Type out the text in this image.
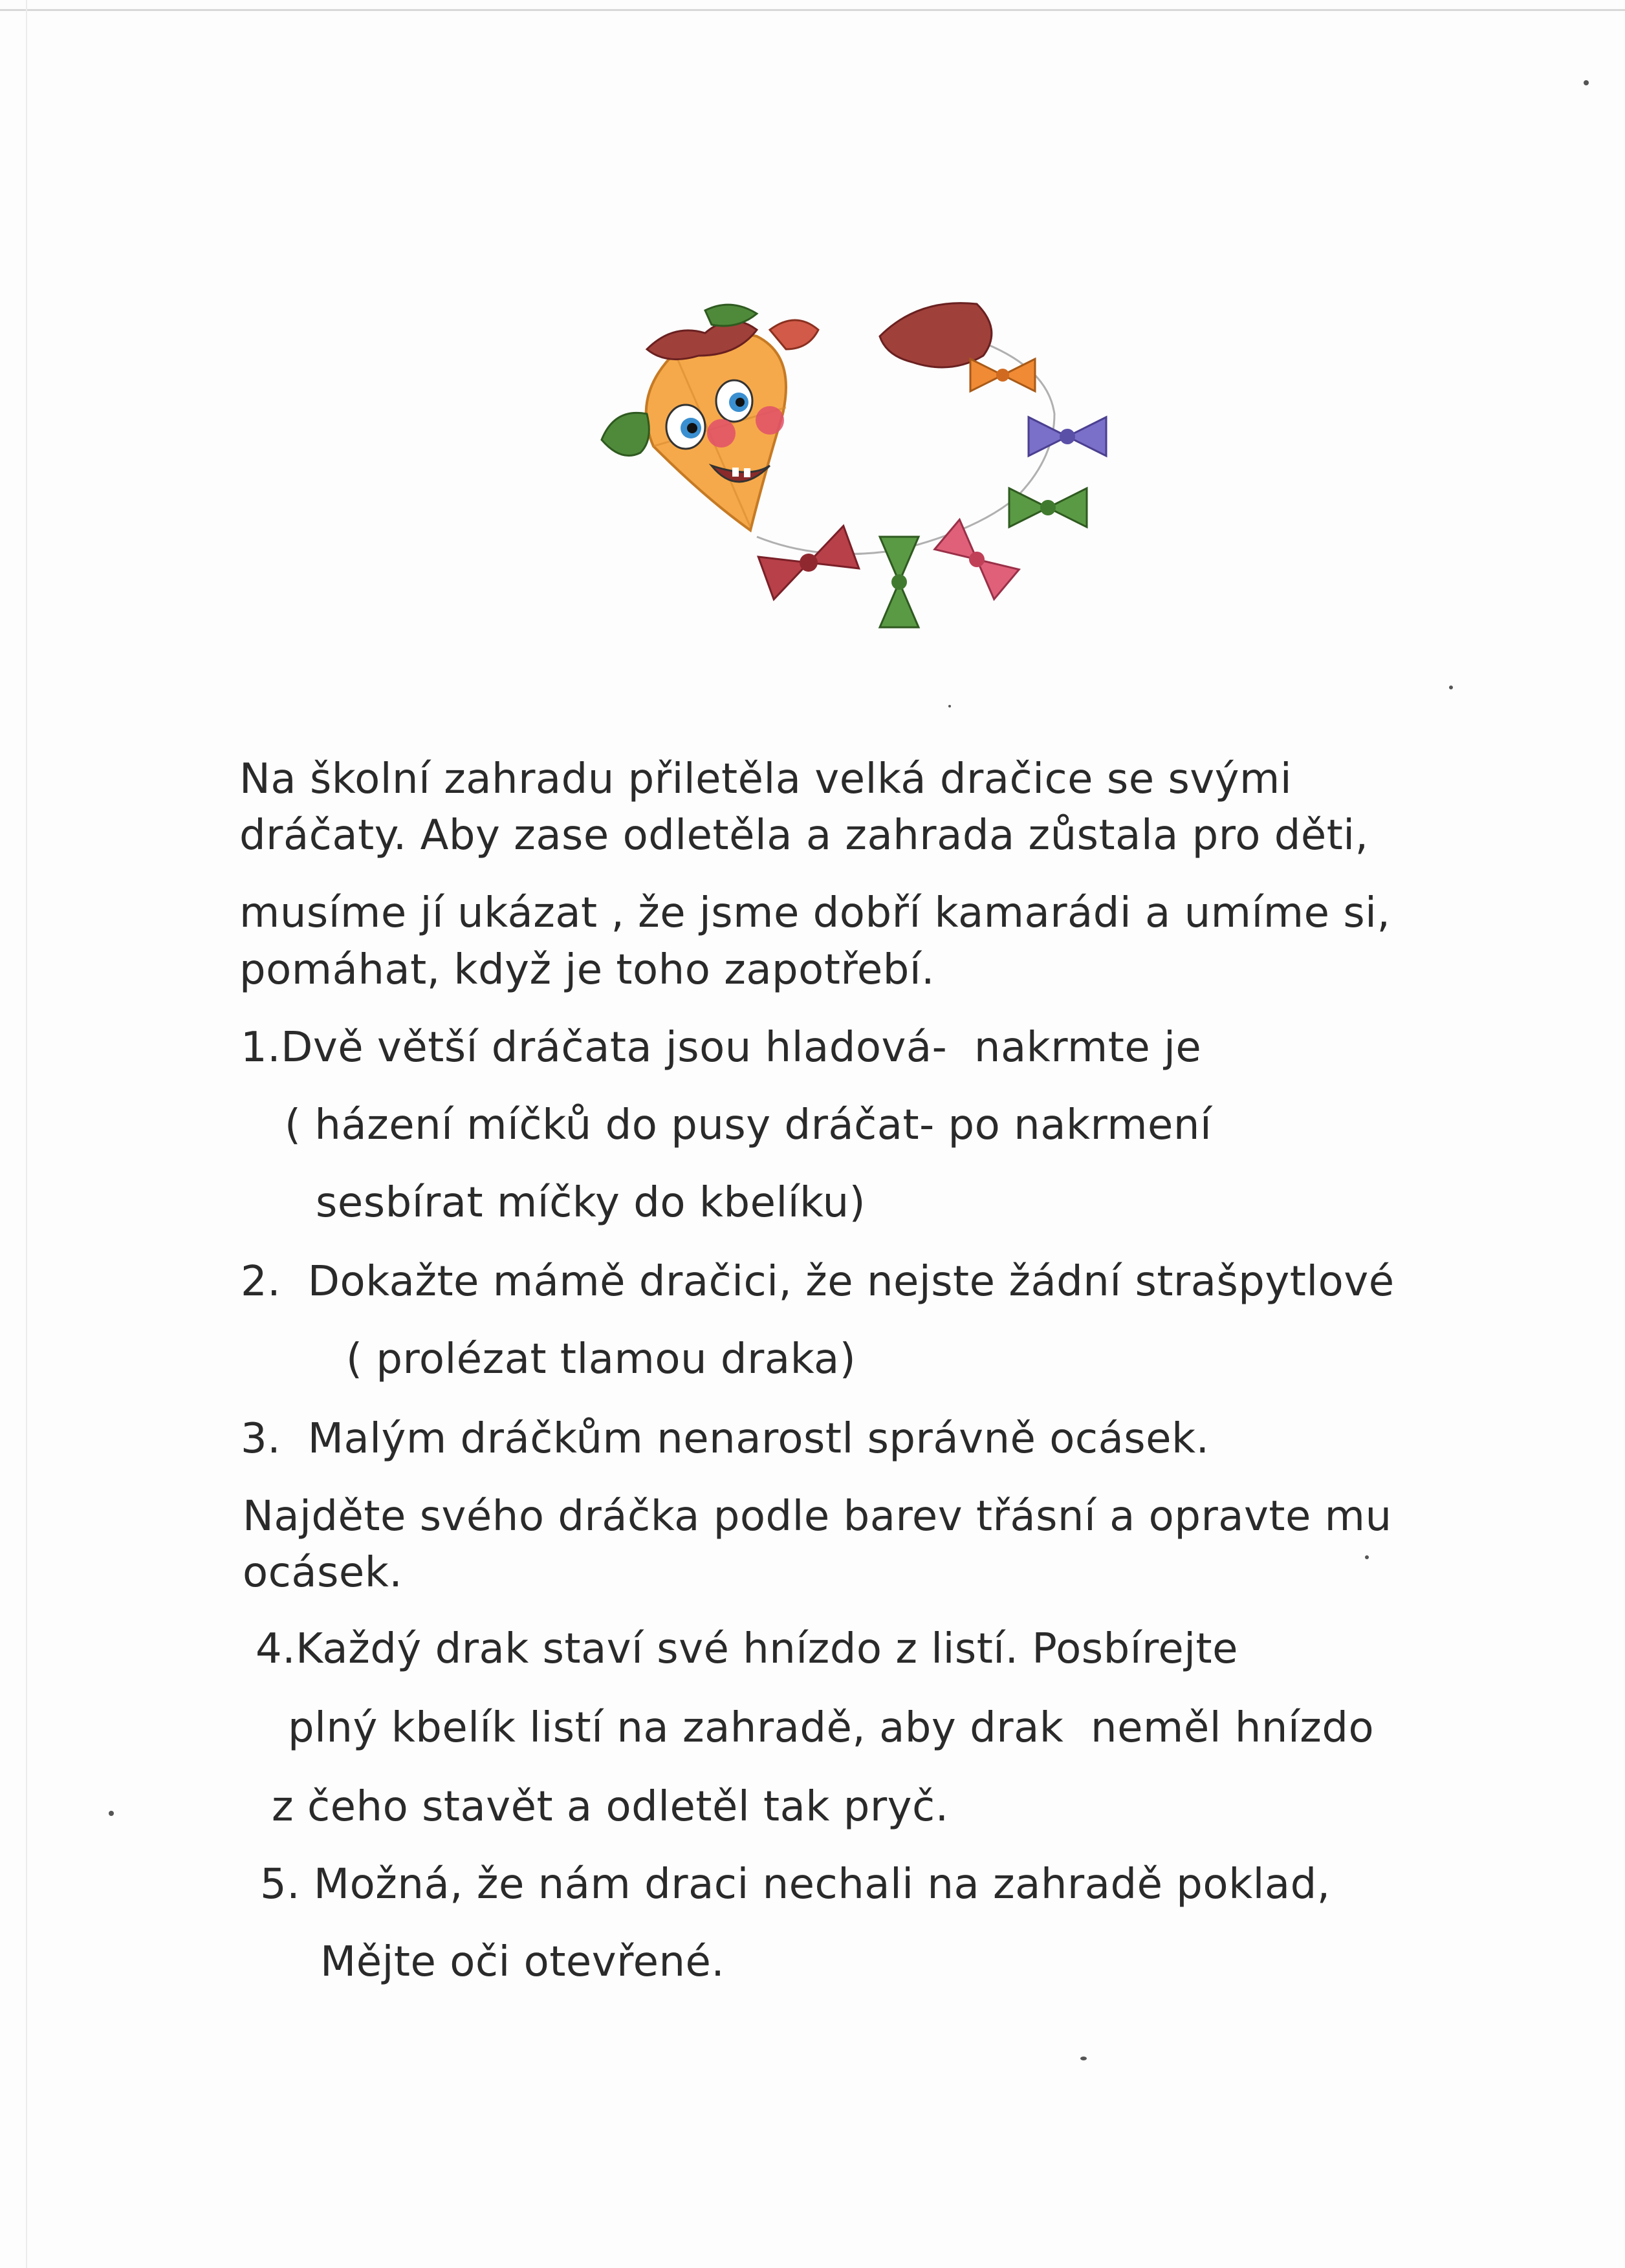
Na školní zahradu přiletěla velká dračice se svými
dráčaty. Aby zase odletěla a zahrada zůstala pro děti,
musíme jí ukázat , že jsme dobří kamarádi a umíme si,
pomáhat, když je toho zapotřebí.
1.Dvě větší dráčata jsou hladová-  nakrmte je
( házení míčků do pusy dráčat- po nakrmení
sesbírat míčky do kbelíku)
2.  Dokažte mámě dračici, že nejste žádní strašpytlové
( prolézat tlamou draka)
3.  Malým dráčkům nenarostl správně ocásek.
Najděte svého dráčka podle barev třásní a opravte mu
ocásek.
4.Každý drak staví své hnízdo z listí. Posbírejte
plný kbelík listí na zahradě, aby drak  neměl hnízdo
z čeho stavět a odletěl tak pryč.
5. Možná, že nám draci nechali na zahradě poklad,
Mějte oči otevřené.
